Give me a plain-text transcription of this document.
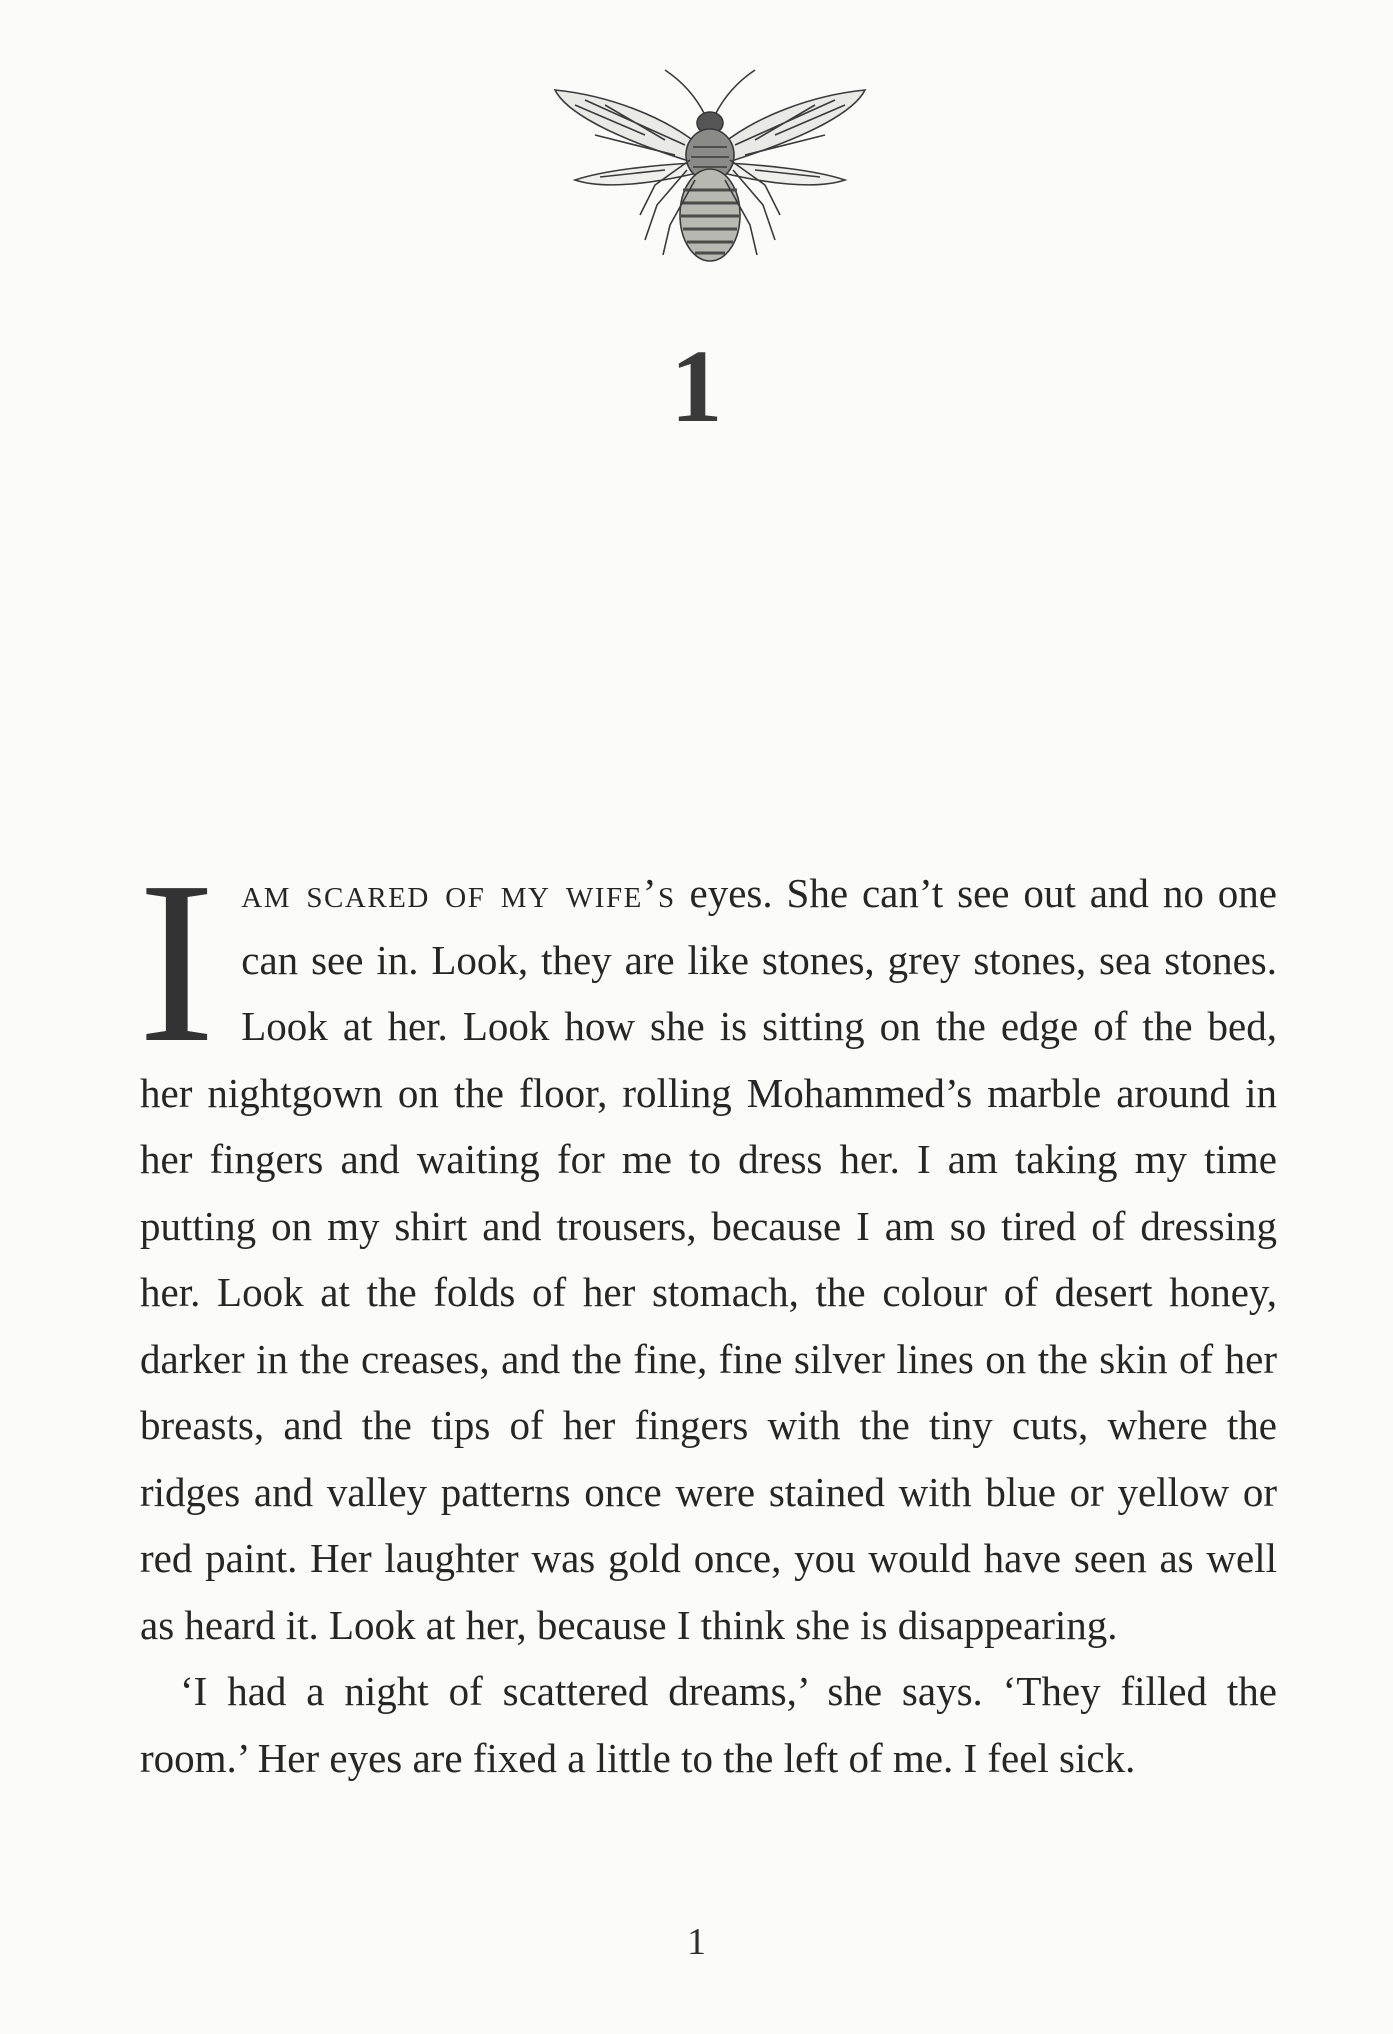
1

Iam scared of my wife’s eyes. She can’t see out and no one can see in. Look, they are like stones, grey stones, sea stones. Look at her. Look how she is sitting on the edge of the bed, her nightgown on the floor, rolling Mohammed’s marble around in her fingers and waiting for me to dress her. I am taking my time putting on my shirt and trousers, because I am so tired of dressing her. Look at the folds of her stomach, the colour of desert honey, darker in the creases, and the fine, fine silver lines on the skin of her breasts, and the tips of her fingers with the tiny cuts, where the ridges and valley patterns once were stained with blue or yellow or red paint. Her laughter was gold once, you would have seen as well as heard it. Look at her, because I think she is disappearing.

‘I had a night of scattered dreams,’ she says. ‘They filled the room.’ Her eyes are fixed a little to the left of me. I feel sick.

1
